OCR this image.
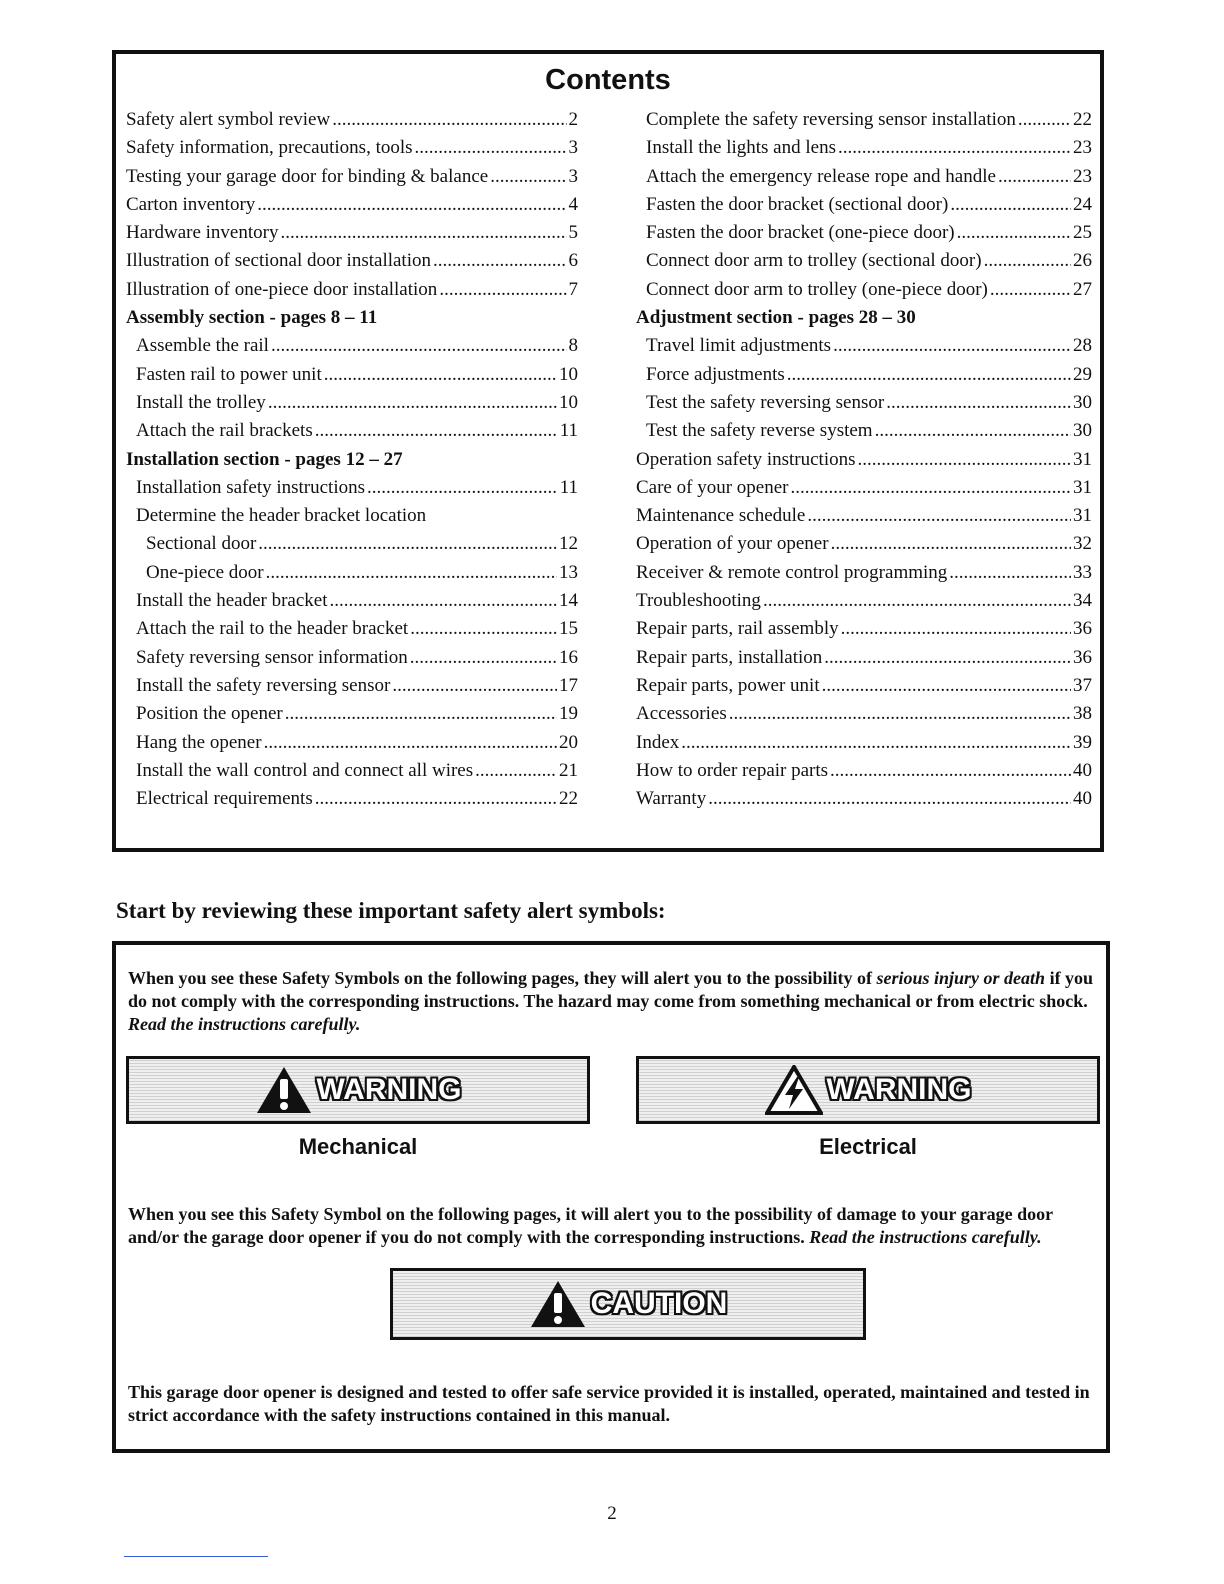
Contents
Safety alert symbol review .....	2
Safety information, precautions, tools .....	3
Testing your garage door for binding & balance .....	3
Carton inventory .....	4
Hardware inventory .....	5
Illustration of sectional door installation .....	6
Illustration of one-piece door installation .....	7
Assembly section - pages 8 – 11
Assemble the rail .....	8
Fasten rail to power unit .....	10
Install the trolley .....	10
Attach the rail brackets .....	11
Installation section - pages 12 – 27
Installation safety instructions .....	11
Determine the header bracket location
Sectional door .....	12
One-piece door .....	13
Install the header bracket .....	14
Attach the rail to the header bracket .....	15
Safety reversing sensor information .....	16
Install the safety reversing sensor .....	17
Position the opener .....	19
Hang the opener .....	20
Install the wall control and connect all wires .....	21
Electrical requirements .....	22
Complete the safety reversing sensor installation .....	22
Install the lights and lens .....	23
Attach the emergency release rope and handle .....	23
Fasten the door bracket (sectional door) .....	24
Fasten the door bracket (one-piece door) .....	25
Connect door arm to trolley (sectional door) .....	26
Connect door arm to trolley (one-piece door) .....	27
Adjustment section - pages 28 – 30
Travel limit adjustments .....	28
Force adjustments .....	29
Test the safety reversing sensor .....	30
Test the safety reverse system .....	30
Operation safety instructions .....	31
Care of your opener .....	31
Maintenance schedule .....	31
Operation of your opener .....	32
Receiver & remote control programming .....	33
Troubleshooting .....	34
Repair parts, rail assembly .....	36
Repair parts, installation .....	36
Repair parts, power unit .....	37
Accessories .....	38
Index .....	39
How to order repair parts .....	40
Warranty .....	40
Start by reviewing these important safety alert symbols:
When you see these Safety Symbols on the following pages, they will alert you to the possibility of serious injury or death if you do not comply with the corresponding instructions. The hazard may come from something mechanical or from electric shock. Read the instructions carefully.
WARNING
Mechanical
WARNING
Electrical
When you see this Safety Symbol on the following pages, it will alert you to the possibility of damage to your garage door and/or the garage door opener if you do not comply with the corresponding instructions. Read the instructions carefully.
CAUTION
This garage door opener is designed and tested to offer safe service provided it is installed, operated, maintained and tested in strict accordance with the safety instructions contained in this manual.
2
